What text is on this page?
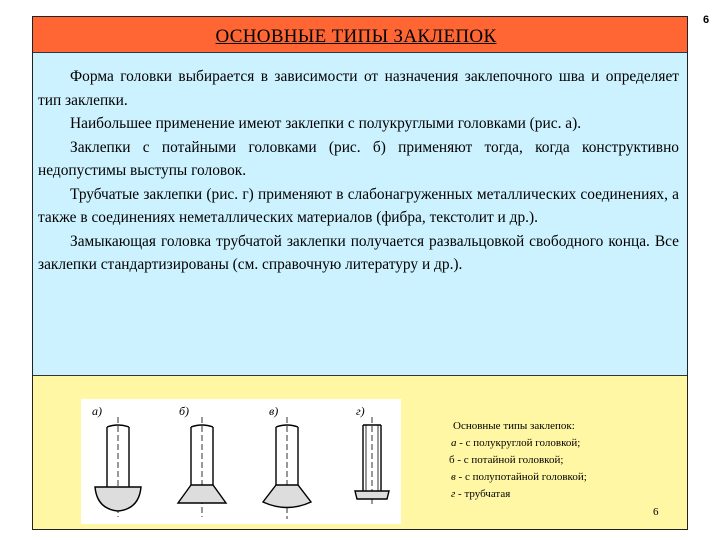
6
ОСНОВНЫЕ ТИПЫ ЗАКЛЕПОК

Форма головки выбирается в зависимости от назначения заклепочного шва и определяет тип заклепки.

Наибольшее применение имеют заклепки с полукруглыми головками (рис. а).

Заклепки с потайными головками (рис. б) применяют тогда, когда конструктивно недопустимы выступы головок.

Трубчатые заклепки (рис. г) применяют в слабонагруженных металлических соединениях, а также в соединениях неметаллических материалов (фибра, текстолит и др.).

Замыкающая головка трубчатой заклепки получается развальцовкой свободного конца. Все заклепки стандартизированы (см. справочную литературу и др.).

а)	б)	в)	г)
Основные типы заклепок:
а - с полукруглой головкой;
б - с потайной головкой;
в - с полупотайной головкой;
г - трубчатая
6
